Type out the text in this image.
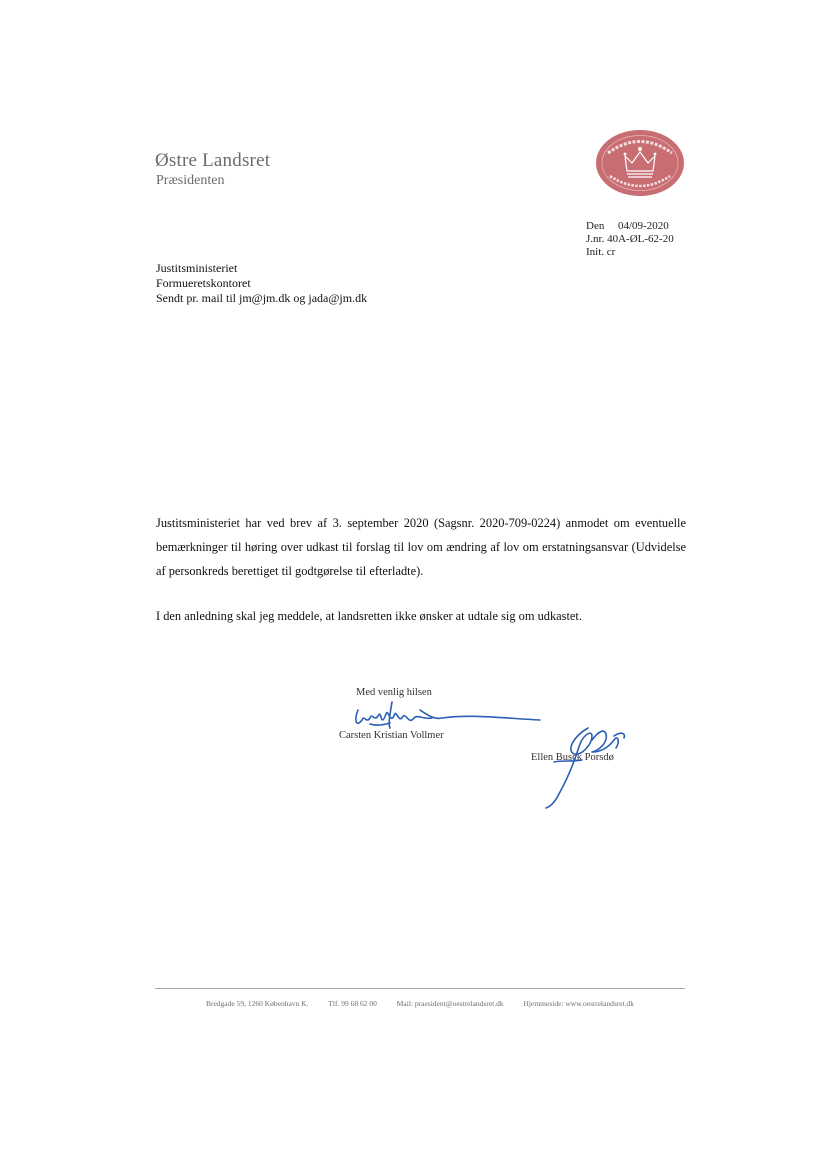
Østre Landsret
Præsidenten
Den 04/09-2020
J.nr. 40A-ØL-62-20
Init. cr
Justitsministeriet
Formueretskontoret
Sendt pr. mail til jm@jm.dk og jada@jm.dk
Justitsministeriet har ved brev af 3. september 2020 (Sagsnr. 2020-709-0224) anmodet om eventuelle bemærkninger til høring over udkast til forslag til lov om ændring af lov om erstatningsansvar (Udvidelse af personkreds berettiget til godtgørelse til efterladte).
I den anledning skal jeg meddele, at landsretten ikke ønsker at udtale sig om udkastet.
Med venlig hilsen
Carsten Kristian Vollmer
Ellen Busck Porsdø
Bredgade 59, 1260 København K.	Tlf. 99 68 62 00	Mail: praesident@oestrelandsret.dk	Hjemmeside: www.oestrelandsret.dk
